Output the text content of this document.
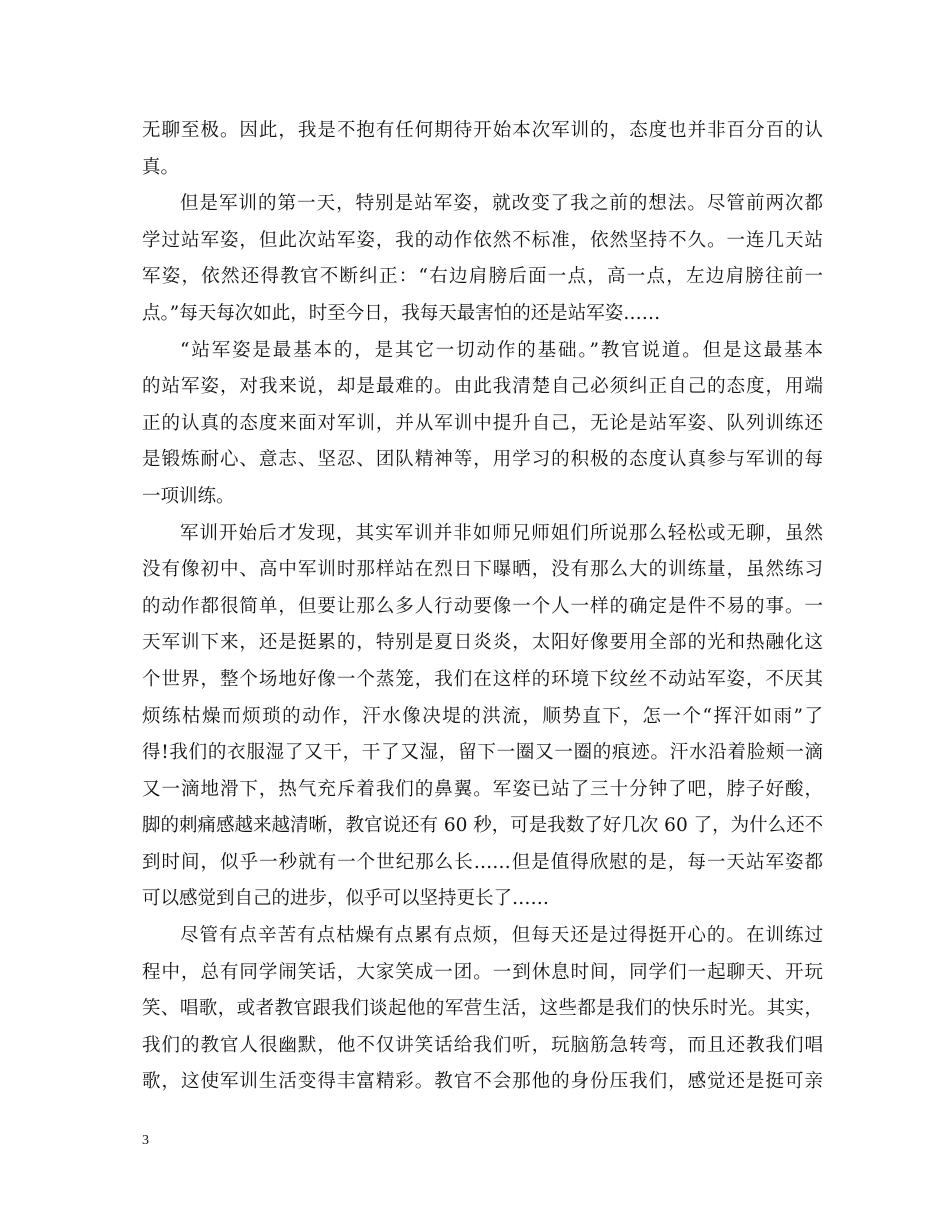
无聊至极。因此，我是不抱有任何期待开始本次军训的，态度也并非百分百的认
真。
但是军训的第一天，特别是站军姿，就改变了我之前的想法。尽管前两次都
学过站军姿，但此次站军姿，我的动作依然不标准，依然坚持不久。一连几天站
军姿，依然还得教官不断纠正：“右边肩膀后面一点，高一点，左边肩膀往前一
点。”每天每次如此，时至今日，我每天最害怕的还是站军姿……
“站军姿是最基本的，是其它一切动作的基础。”教官说道。但是这最基本
的站军姿，对我来说，却是最难的。由此我清楚自己必须纠正自己的态度，用端
正的认真的态度来面对军训，并从军训中提升自己，无论是站军姿、队列训练还
是锻炼耐心、意志、坚忍、团队精神等，用学习的积极的态度认真参与军训的每
一项训练。
军训开始后才发现，其实军训并非如师兄师姐们所说那么轻松或无聊，虽然
没有像初中、高中军训时那样站在烈日下曝晒，没有那么大的训练量，虽然练习
的动作都很简单，但要让那么多人行动要像一个人一样的确定是件不易的事。一
天军训下来，还是挺累的，特别是夏日炎炎，太阳好像要用全部的光和热融化这
个世界，整个场地好像一个蒸笼，我们在这样的环境下纹丝不动站军姿，不厌其
烦练枯燥而烦琐的动作，汗水像决堤的洪流，顺势直下，怎一个“挥汗如雨”了
得!我们的衣服湿了又干，干了又湿，留下一圈又一圈的痕迹。汗水沿着脸颊一滴
又一滴地滑下，热气充斥着我们的鼻翼。军姿已站了三十分钟了吧，脖子好酸，
脚的刺痛感越来越清晰，教官说还有 60 秒，可是我数了好几次 60 了，为什么还不
到时间，似乎一秒就有一个世纪那么长……但是值得欣慰的是，每一天站军姿都
可以感觉到自己的进步，似乎可以坚持更长了……
尽管有点辛苦有点枯燥有点累有点烦，但每天还是过得挺开心的。在训练过
程中，总有同学闹笑话，大家笑成一团。一到休息时间，同学们一起聊天、开玩
笑、唱歌，或者教官跟我们谈起他的军营生活，这些都是我们的快乐时光。其实，
我们的教官人很幽默，他不仅讲笑话给我们听，玩脑筋急转弯，而且还教我们唱
歌，这使军训生活变得丰富精彩。教官不会那他的身份压我们，感觉还是挺可亲
3
